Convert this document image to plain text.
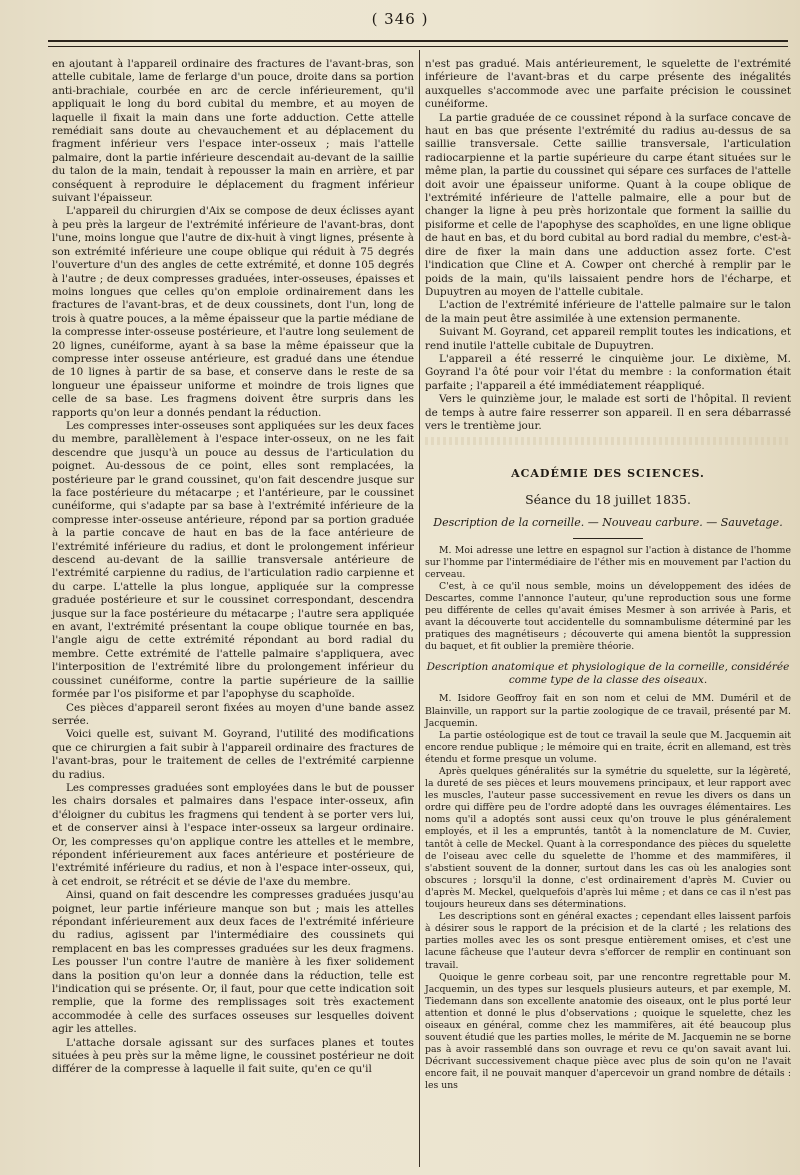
( 346 )

en ajoutant à l'appareil ordinaire des fractures de l'avant-bras, son attelle cubitale, lame de ferlarge d'un pouce, droite dans sa portion anti-brachiale, courbée en arc de cercle inférieurement, qu'il appliquait le long du bord cubital du membre, et au moyen de laquelle il fixait la main dans une forte adduction. Cette attelle remédiait sans doute au chevauchement et au déplacement du fragment inférieur vers l'espace inter-osseux ; mais l'attelle palmaire, dont la partie inférieure descendait au-devant de la saillie du talon de la main, tendait à repousser la main en arrière, et par conséquent à reproduire le déplacement du fragment inférieur suivant l'épaisseur.

L'appareil du chirurgien d'Aix se compose de deux éclisses ayant à peu près la largeur de l'extrémité inférieure de l'avant-bras, dont l'une, moins longue que l'autre de dix-huit à vingt lignes, présente à son extrémité inférieure une coupe oblique qui réduit à 75 degrés l'ouverture d'un des angles de cette extrémité, et donne 105 degrés à l'autre ; de deux compresses graduées, inter-osseuses, épaisses et moins longues que celles qu'on emploie ordinairement dans les fractures de l'avant-bras, et de deux coussinets, dont l'un, long de trois à quatre pouces, a la même épaisseur que la partie médiane de la compresse inter-osseuse postérieure, et l'autre long seulement de 20 lignes, cunéiforme, ayant à sa base la même épaisseur que la compresse inter osseuse antérieure, est gradué dans une étendue de 10 lignes à partir de sa base, et conserve dans le reste de sa longueur une épaisseur uniforme et moindre de trois lignes que celle de sa base. Les fragmens doivent être surpris dans les rapports qu'on leur a donnés pendant la réduction.

Les compresses inter-osseuses sont appliquées sur les deux faces du membre, parallèlement à l'espace inter-osseux, on ne les fait descendre que jusqu'à un pouce au dessus de l'articulation du poignet. Au-dessous de ce point, elles sont remplacées, la postérieure par le grand coussinet, qu'on fait descendre jusque sur la face postérieure du métacarpe ; et l'antérieure, par le coussinet cunéiforme, qui s'adapte par sa base à l'extrémité inférieure de la compresse inter-osseuse antérieure, répond par sa portion graduée à la partie concave de haut en bas de la face antérieure de l'extrémité inférieure du radius, et dont le prolongement inférieur descend au-devant de la saillie transversale antérieure de l'extrémité carpienne du radius, de l'articulation radio carpienne et du carpe. L'attelle la plus longue, appliquée sur la compresse graduée postérieure et sur le coussinet correspondant, descendra jusque sur la face postérieure du métacarpe ; l'autre sera appliquée en avant, l'extrémité présentant la coupe oblique tournée en bas, l'angle aigu de cette extrémité répondant au bord radial du membre. Cette extrémité de l'attelle palmaire s'appliquera, avec l'interposition de l'extrémité libre du prolongement inférieur du coussinet cunéiforme, contre la partie supérieure de la saillie formée par l'os pisiforme et par l'apophyse du scaphoïde.

Ces pièces d'appareil seront fixées au moyen d'une bande assez serrée.

Voici quelle est, suivant M. Goyrand, l'utilité des modifications que ce chirurgien a fait subir à l'appareil ordinaire des fractures de l'avant-bras, pour le traitement de celles de l'extrémité carpienne du radius.

Les compresses graduées sont employées dans le but de pousser les chairs dorsales et palmaires dans l'espace inter-osseux, afin d'éloigner du cubitus les fragmens qui tendent à se porter vers lui, et de conserver ainsi à l'espace inter-osseux sa largeur ordinaire. Or, les compresses qu'on applique contre les attelles et le membre, répondent inférieurement aux faces antérieure et postérieure de l'extrémité inférieure du radius, et non à l'espace inter-osseux, qui, à cet endroit, se rétrécit et se dévie de l'axe du membre.

Ainsi, quand on fait descendre les compresses graduées jusqu'au poignet, leur partie inférieure manque son but ; mais les attelles répondant inférieurement aux deux faces de l'extrémité inférieure du radius, agissent par l'intermédiaire des coussinets qui remplacent en bas les compresses graduées sur les deux fragmens. Les pousser l'un contre l'autre de manière à les fixer solidement dans la position qu'on leur a donnée dans la réduction, telle est l'indication qui se présente. Or, il faut, pour que cette indication soit remplie, que la forme des remplissages soit très exactement accommodée à celle des surfaces osseuses sur lesquelles doivent agir les attelles.

L'attache dorsale agissant sur des surfaces planes et toutes situées à peu près sur la même ligne, le coussinet postérieur ne doit différer de la compresse à laquelle il fait suite, qu'en ce qu'il

n'est pas gradué. Mais antérieurement, le squelette de l'extrémité inférieure de l'avant-bras et du carpe présente des inégalités auxquelles s'accommode avec une parfaite précision le coussinet cunéiforme.

La partie graduée de ce coussinet répond à la surface concave de haut en bas que présente l'extrémité du radius au-dessus de sa saillie transversale. Cette saillie transversale, l'articulation radiocarpienne et la partie supérieure du carpe étant situées sur le même plan, la partie du coussinet qui sépare ces surfaces de l'attelle doit avoir une épaisseur uniforme. Quant à la coupe oblique de l'extrémité inférieure de l'attelle palmaire, elle a pour but de changer la ligne à peu près horizontale que forment la saillie du pisiforme et celle de l'apophyse des scaphoïdes, en une ligne oblique de haut en bas, et du bord cubital au bord radial du membre, c'est-à-dire de fixer la main dans une adduction assez forte. C'est l'indication que Cline et A. Cowper ont cherché à remplir par le poids de la main, qu'ils laissaient pendre hors de l'écharpe, et Dupuytren au moyen de l'attelle cubitale.

L'action de l'extrémité inférieure de l'attelle palmaire sur le talon de la main peut être assimilée à une extension permanente.

Suivant M. Goyrand, cet appareil remplit toutes les indications, et rend inutile l'attelle cubitale de Dupuytren.

L'appareil a été resserré le cinquième jour. Le dixième, M. Goyrand l'a ôté pour voir l'état du membre : la conformation était parfaite ; l'appareil a été immédiatement réappliqué.

Vers le quinzième jour, le malade est sorti de l'hôpital. Il revient de temps à autre faire resserrer son appareil. Il en sera débarrassé vers le trentième jour.

ACADÉMIE DES SCIENCES.
Séance du 18 juillet 1835.
Description de la corneille. — Nouveau carbure. — Sauvetage.

M. Moi adresse une lettre en espagnol sur l'action à distance de l'homme sur l'homme par l'intermédiaire de l'éther mis en mouvement par l'action du cerveau.

C'est, à ce qu'il nous semble, moins un développement des idées de Descartes, comme l'annonce l'auteur, qu'une reproduction sous une forme peu différente de celles qu'avait émises Mesmer à son arrivée à Paris, et avant la découverte tout accidentelle du somnambulisme déterminé par les pratiques des magnétiseurs ; découverte qui amena bientôt la suppression du baquet, et fit oublier la première théorie.

Description anatomique et physiologique de la corneille, considérée comme type de la classe des oiseaux.

M. Isidore Geoffroy fait en son nom et celui de MM. Duméril et de Blainville, un rapport sur la partie zoologique de ce travail, présenté par M. Jacquemin.

La partie ostéologique est de tout ce travail la seule que M. Jacquemin ait encore rendue publique ; le mémoire qui en traite, écrit en allemand, est très étendu et forme presque un volume.

Après quelques généralités sur la symétrie du squelette, sur la légèreté, la dureté de ses pièces et leurs mouvemens principaux, et leur rapport avec les muscles, l'auteur passe successivement en revue les divers os dans un ordre qui diffère peu de l'ordre adopté dans les ouvrages élémentaires. Les noms qu'il a adoptés sont aussi ceux qu'on trouve le plus généralement employés, et il les a empruntés, tantôt à la nomenclature de M. Cuvier, tantôt à celle de Meckel. Quant à la correspondance des pièces du squelette de l'oiseau avec celle du squelette de l'homme et des mammifères, il s'abstient souvent de la donner, surtout dans les cas où les analogies sont obscures ; lorsqu'il la donne, c'est ordinairement d'après M. Cuvier ou d'après M. Meckel, quelquefois d'après lui même ; et dans ce cas il n'est pas toujours heureux dans ses déterminations.

Les descriptions sont en général exactes ; cependant elles laissent parfois à désirer sous le rapport de la précision et de la clarté ; les relations des parties molles avec les os sont presque entièrement omises, et c'est une lacune fâcheuse que l'auteur devra s'efforcer de remplir en continuant son travail.

Quoique le genre corbeau soit, par une rencontre regrettable pour M. Jacquemin, un des types sur lesquels plusieurs auteurs, et par exemple, M. Tiedemann dans son excellente anatomie des oiseaux, ont le plus porté leur attention et donné le plus d'observations ; quoique le squelette, chez les oiseaux en général, comme chez les mammifères, ait été beaucoup plus souvent étudié que les parties molles, le mérite de M. Jacquemin ne se borne pas à avoir rassemblé dans son ouvrage et revu ce qu'on savait avant lui. Décrivant successivement chaque pièce avec plus de soin qu'on ne l'avait encore fait, il ne pouvait manquer d'apercevoir un grand nombre de détails : les uns
